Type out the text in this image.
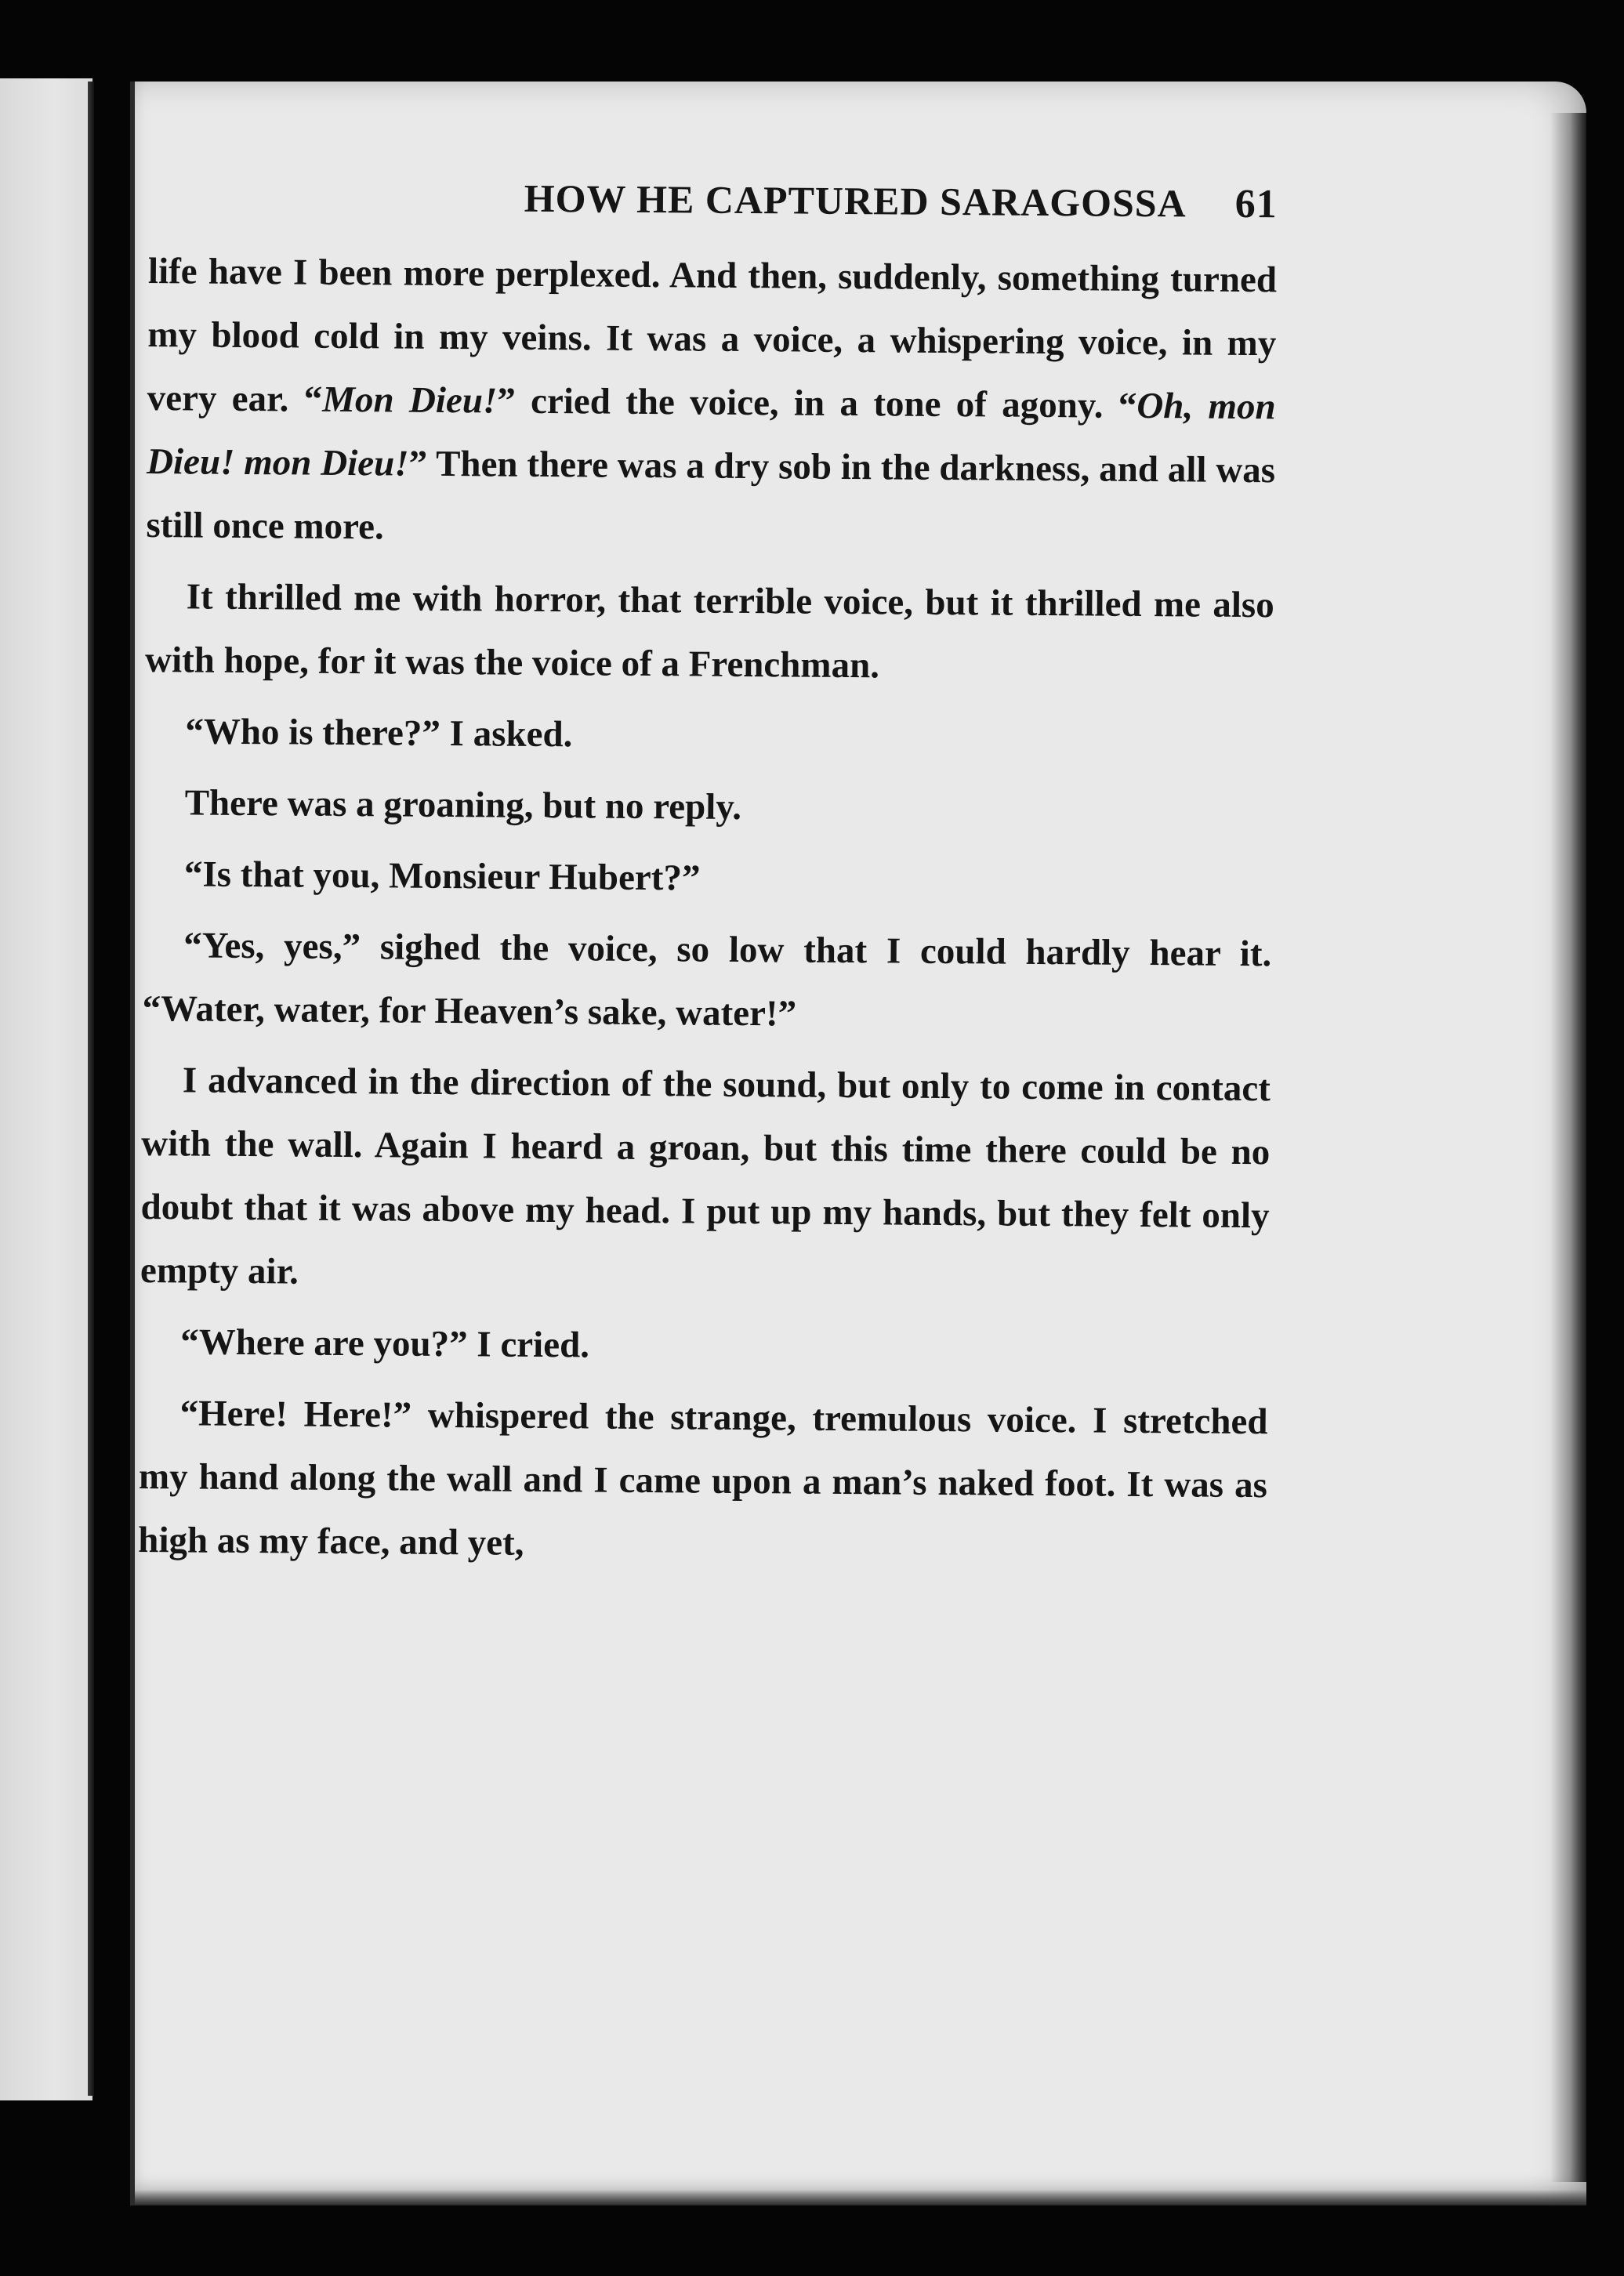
HOW HE CAPTURED SARAGOSSA 61

life have I been more perplexed. And then, suddenly, something turned my blood cold in my veins. It was a voice, a whispering voice, in my very ear. “Mon Dieu!” cried the voice, in a tone of agony. “Oh, mon Dieu! mon Dieu!” Then there was a dry sob in the darkness, and all was still once more.

It thrilled me with horror, that terrible voice, but it thrilled me also with hope, for it was the voice of a Frenchman.

“Who is there?” I asked.

There was a groaning, but no reply.

“Is that you, Monsieur Hubert?”

“Yes, yes,” sighed the voice, so low that I could hardly hear it. “Water, water, for Heaven’s sake, water!”

I advanced in the direction of the sound, but only to come in contact with the wall. Again I heard a groan, but this time there could be no doubt that it was above my head. I put up my hands, but they felt only empty air.

“Where are you?” I cried.

“Here! Here!” whispered the strange, tremulous voice. I stretched my hand along the wall and I came upon a man’s naked foot. It was as high as my face, and yet,
